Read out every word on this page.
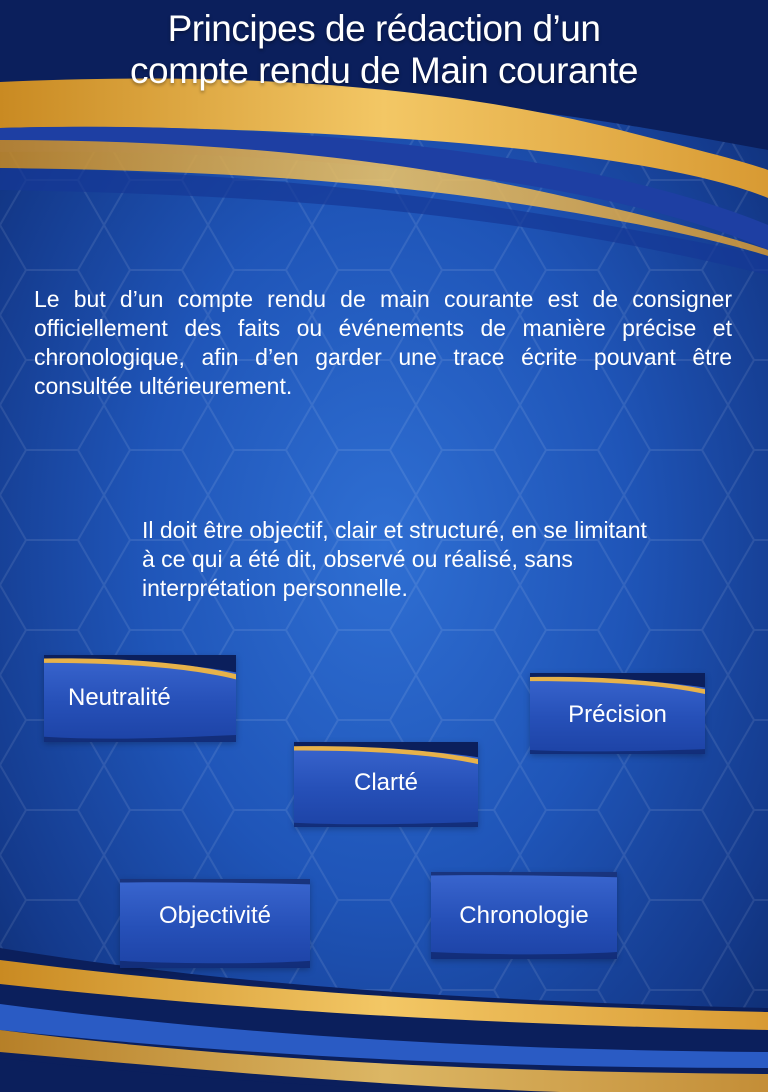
Principes de rédaction d’un
compte rendu de Main courante
Le but d’un compte rendu de main courante est de consigner officiellement des faits ou événements de manière précise et chronologique, afin d’en garder une trace écrite pouvant être consultée ultérieurement.
Il doit être objectif, clair et structuré, en se limitant à ce qui a été dit, observé ou réalisé, sans interprétation personnelle.
Neutralité
Précision
Clarté
Objectivité	Chronologie
